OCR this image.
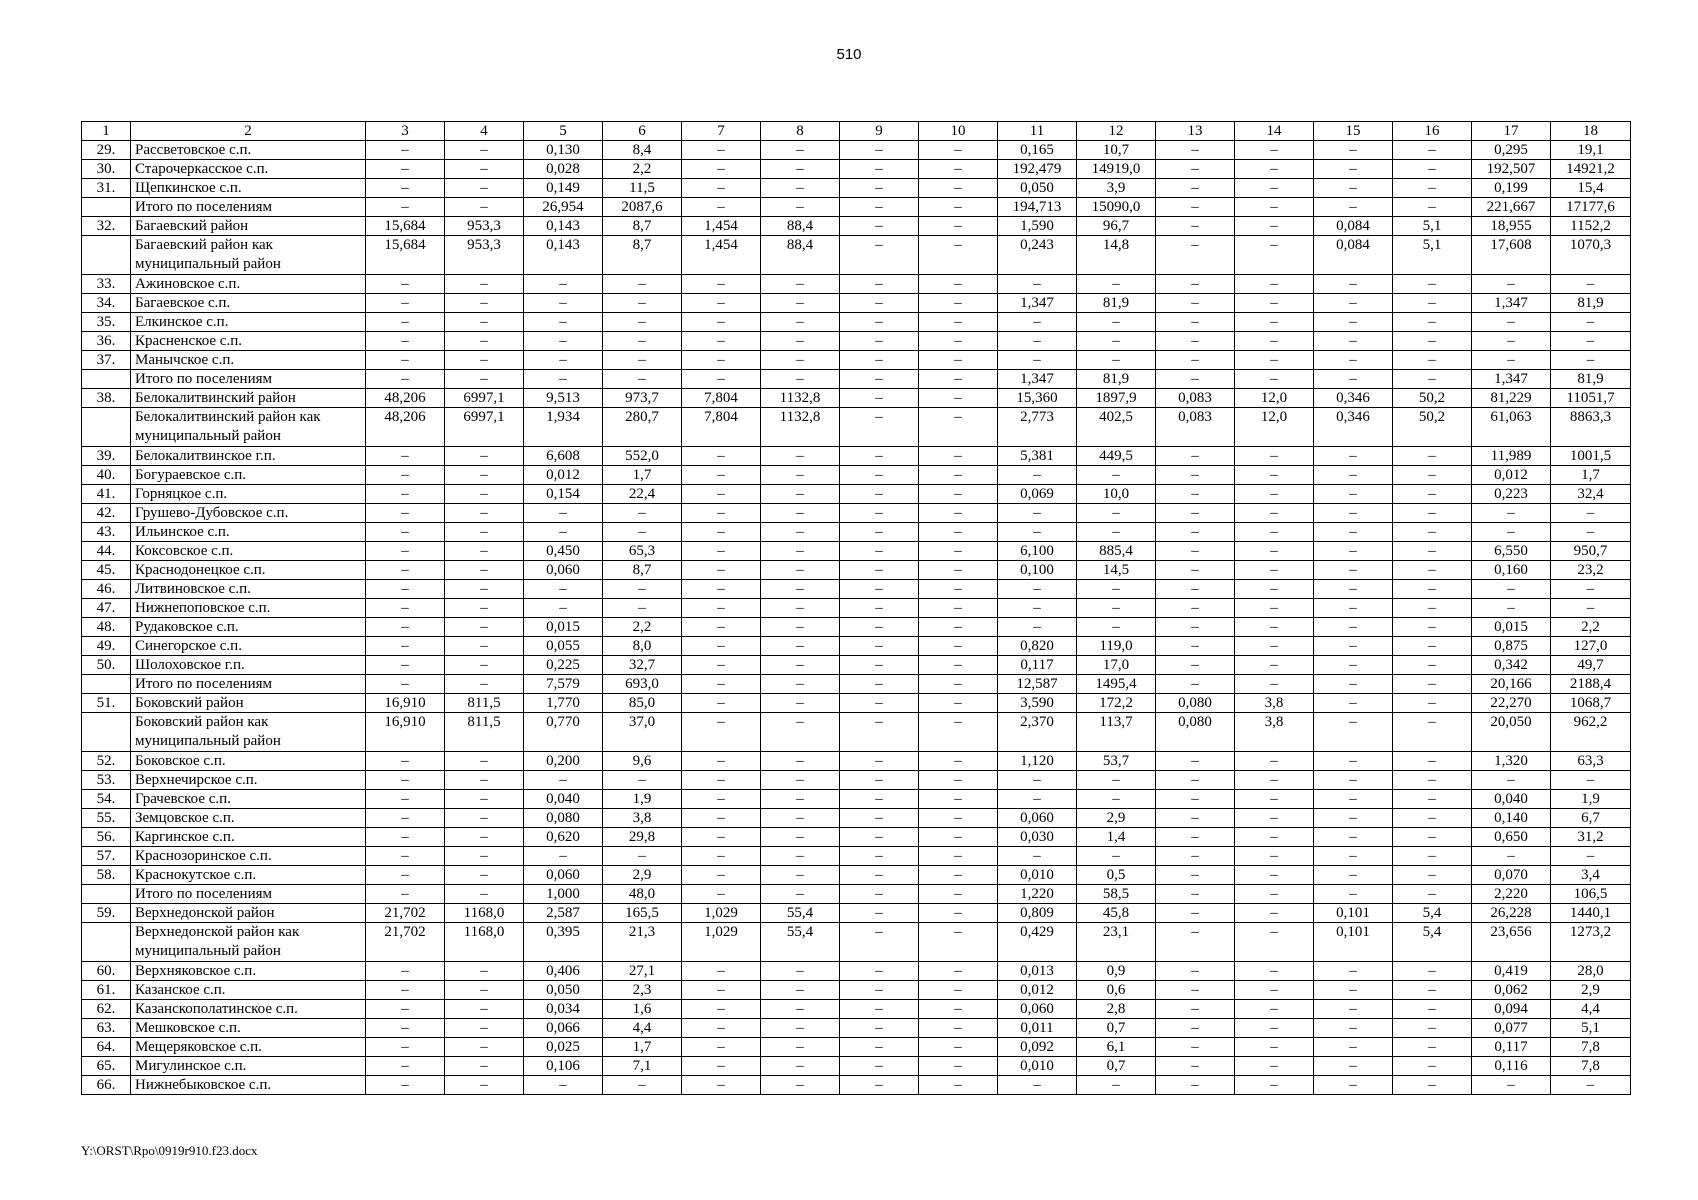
510
1	2	3	4	5	6	7	8	9	10	11	12	13	14	15	16	17	18
29.	Рассветовское с.п.	–	–	0,130	8,4	–	–	–	–	0,165	10,7	–	–	–	–	0,295	19,1
30.	Старочеркасское с.п.	–	–	0,028	2,2	–	–	–	–	192,479	14919,0	–	–	–	–	192,507	14921,2
31.	Щепкинское с.п.	–	–	0,149	11,5	–	–	–	–	0,050	3,9	–	–	–	–	0,199	15,4
	Итого по поселениям	–	–	26,954	2087,6	–	–	–	–	194,713	15090,0	–	–	–	–	221,667	17177,6
32.	Багаевский район	15,684	953,3	0,143	8,7	1,454	88,4	–	–	1,590	96,7	–	–	0,084	5,1	18,955	1152,2
	Багаевский район как муниципальный район	15,684	953,3	0,143	8,7	1,454	88,4	–	–	0,243	14,8	–	–	0,084	5,1	17,608	1070,3
33.	Ажиновское с.п.	–	–	–	–	–	–	–	–	–	–	–	–	–	–	–	–
34.	Багаевское с.п.	–	–	–	–	–	–	–	–	1,347	81,9	–	–	–	–	1,347	81,9
35.	Елкинское с.п.	–	–	–	–	–	–	–	–	–	–	–	–	–	–	–	–
36.	Красненское с.п.	–	–	–	–	–	–	–	–	–	–	–	–	–	–	–	–
37.	Манычское с.п.	–	–	–	–	–	–	–	–	–	–	–	–	–	–	–	–
	Итого по поселениям	–	–	–	–	–	–	–	–	1,347	81,9	–	–	–	–	1,347	81,9
38.	Белокалитвинский район	48,206	6997,1	9,513	973,7	7,804	1132,8	–	–	15,360	1897,9	0,083	12,0	0,346	50,2	81,229	11051,7
	Белокалитвинский район как муниципальный район	48,206	6997,1	1,934	280,7	7,804	1132,8	–	–	2,773	402,5	0,083	12,0	0,346	50,2	61,063	8863,3
39.	Белокалитвинское г.п.	–	–	6,608	552,0	–	–	–	–	5,381	449,5	–	–	–	–	11,989	1001,5
40.	Богураевское с.п.	–	–	0,012	1,7	–	–	–	–	–	–	–	–	–	–	0,012	1,7
41.	Горняцкое с.п.	–	–	0,154	22,4	–	–	–	–	0,069	10,0	–	–	–	–	0,223	32,4
42.	Грушево-Дубовское с.п.	–	–	–	–	–	–	–	–	–	–	–	–	–	–	–	–
43.	Ильинское с.п.	–	–	–	–	–	–	–	–	–	–	–	–	–	–	–	–
44.	Коксовское с.п.	–	–	0,450	65,3	–	–	–	–	6,100	885,4	–	–	–	–	6,550	950,7
45.	Краснодонецкое с.п.	–	–	0,060	8,7	–	–	–	–	0,100	14,5	–	–	–	–	0,160	23,2
46.	Литвиновское с.п.	–	–	–	–	–	–	–	–	–	–	–	–	–	–	–	–
47.	Нижнепоповское с.п.	–	–	–	–	–	–	–	–	–	–	–	–	–	–	–	–
48.	Рудаковское с.п.	–	–	0,015	2,2	–	–	–	–	–	–	–	–	–	–	0,015	2,2
49.	Синегорское с.п.	–	–	0,055	8,0	–	–	–	–	0,820	119,0	–	–	–	–	0,875	127,0
50.	Шолоховское г.п.	–	–	0,225	32,7	–	–	–	–	0,117	17,0	–	–	–	–	0,342	49,7
	Итого по поселениям	–	–	7,579	693,0	–	–	–	–	12,587	1495,4	–	–	–	–	20,166	2188,4
51.	Боковский район	16,910	811,5	1,770	85,0	–	–	–	–	3,590	172,2	0,080	3,8	–	–	22,270	1068,7
	Боковский район как муниципальный район	16,910	811,5	0,770	37,0	–	–	–	–	2,370	113,7	0,080	3,8	–	–	20,050	962,2
52.	Боковское с.п.	–	–	0,200	9,6	–	–	–	–	1,120	53,7	–	–	–	–	1,320	63,3
53.	Верхнечирское с.п.	–	–	–	–	–	–	–	–	–	–	–	–	–	–	–	–
54.	Грачевское с.п.	–	–	0,040	1,9	–	–	–	–	–	–	–	–	–	–	0,040	1,9
55.	Земцовское с.п.	–	–	0,080	3,8	–	–	–	–	0,060	2,9	–	–	–	–	0,140	6,7
56.	Каргинское с.п.	–	–	0,620	29,8	–	–	–	–	0,030	1,4	–	–	–	–	0,650	31,2
57.	Краснозоринское с.п.	–	–	–	–	–	–	–	–	–	–	–	–	–	–	–	–
58.	Краснокутское с.п.	–	–	0,060	2,9	–	–	–	–	0,010	0,5	–	–	–	–	0,070	3,4
	Итого по поселениям	–	–	1,000	48,0	–	–	–	–	1,220	58,5	–	–	–	–	2,220	106,5
59.	Верхнедонской район	21,702	1168,0	2,587	165,5	1,029	55,4	–	–	0,809	45,8	–	–	0,101	5,4	26,228	1440,1
	Верхнедонской район как муниципальный район	21,702	1168,0	0,395	21,3	1,029	55,4	–	–	0,429	23,1	–	–	0,101	5,4	23,656	1273,2
60.	Верхняковское с.п.	–	–	0,406	27,1	–	–	–	–	0,013	0,9	–	–	–	–	0,419	28,0
61.	Казанское с.п.	–	–	0,050	2,3	–	–	–	–	0,012	0,6	–	–	–	–	0,062	2,9
62.	Казанскополатинское с.п.	–	–	0,034	1,6	–	–	–	–	0,060	2,8	–	–	–	–	0,094	4,4
63.	Мешковское с.п.	–	–	0,066	4,4	–	–	–	–	0,011	0,7	–	–	–	–	0,077	5,1
64.	Мещеряковское с.п.	–	–	0,025	1,7	–	–	–	–	0,092	6,1	–	–	–	–	0,117	7,8
65.	Мигулинское с.п.	–	–	0,106	7,1	–	–	–	–	0,010	0,7	–	–	–	–	0,116	7,8
66.	Нижнебыковское с.п.	–	–	–	–	–	–	–	–	–	–	–	–	–	–	–	–
Y:\ORST\Rpo\0919r910.f23.docx
